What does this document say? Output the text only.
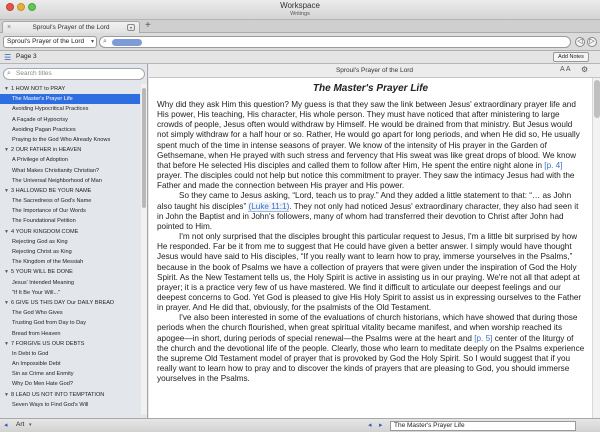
Workspace
Writings
×	Sproul's Prayer of the Lord	▾	+
Sproul's Prayer of the Lord ▾ ⌕	◁ ▷
☰ Page 3	Add Notes
⌕ Search titles
▼ 1 HOW NOT to PRAY
The Master's Prayer Life
Avoiding Hypocritical Practices
A Façade of Hypocrisy
Avoiding Pagan Practices
Praying to the God Who Already Knows
▼ 2 OUR FATHER in HEAVEN
A Privilege of Adoption
What Makes Christianity Christian?
The Universal Neighborhood of Man
▼ 3 HALLOWED BE YOUR NAME
The Sacredness of God's Name
The Importance of Our Words
The Foundational Petition
▼ 4 YOUR KINGDOM COME
Rejecting God as King
Rejecting Christ as King
The Kingdom of the Messiah
▼ 5 YOUR WILL BE DONE
Jesus' Intended Meaning
"If It Be Your Will..."
▼ 6 GIVE US THIS DAY Our DAILY BREAD
The God Who Gives
Trusting God from Day to Day
Bread from Heaven
▼ 7 FORGIVE US OUR DEBTS
In Debt to God
An Impossible Debt
Sin as Crime and Enmity
Why Do Men Hate God?
▼ 8 LEAD US NOT INTO TEMPTATION
Seven Ways to Find God's Will
Sproul's Prayer of the Lord	A A ⚙
The Master's Prayer Life

Why did they ask Him this question? My guess is that they saw the link between Jesus' extraordinary prayer life and His power, His teaching, His character, His whole person. They must have noticed that after ministering to large crowds of people, Jesus often would withdraw by Himself. He would be drained from that ministry. But Jesus would not simply withdraw for a half hour or so. Rather, He would go apart for long periods, and when He did so, He usually spent much of the time in intense seasons of prayer. We know of the intensity of His prayer in the Garden of Gethsemane, when He prayed with such stress and fervency that His sweat was like great drops of blood. We know that before He selected His disciples and called them to follow after Him, He spent the entire night alone in [p. 4] prayer. The disciples could not help but notice this commitment to prayer. They saw the intimacy Jesus had with the Father and made the connection between His prayer and His power.

So they came to Jesus asking, “Lord, teach us to pray.” And they added a little statement to that: “… as John also taught his disciples” (Luke 11:1). They not only had noticed Jesus' extraordinary character, they also had seen it in John the Baptist and in John's followers, many of whom had transferred their devotion to Christ after John had pointed to Him.

I'm not only surprised that the disciples brought this particular request to Jesus, I'm a little bit surprised by how He responded. Far be it from me to suggest that He could have given a better answer. I simply would have thought Jesus would have said to His disciples, “If you really want to learn how to pray, immerse yourselves in the Psalms,” because in the book of Psalms we have a collection of prayers that were given under the inspiration of God the Holy Spirit. As the New Testament tells us, the Holy Spirit is active in assisting us in our praying. We're not all that adept at prayer; it is a practice very few of us have mastered. We find it difficult to articulate our deepest feelings and our deepest concerns to God. Yet God is pleased to give His Holy Spirit to assist us in expressing ourselves to the Father in prayer. And He did that, obviously, for the psalmists of the Old Testament.

I've also been interested in some of the evaluations of church historians, which have showed that during those periods when the church flourished, when great spiritual vitality became manifest, and when worship reached its apogee—in short, during periods of special renewal—the Psalms were at the heart and [p. 5] center of the liturgy of the church and the devotional life of the people. Clearly, those who learn to meditate deeply on the Psalms experience the supreme Old Testament model of prayer that is provoked by God the Holy Spirit. So I would suggest that if you really want to learn how to pray and to discover the kinds of prayers that are pleasing to God, you should immerse yourselves in the Psalms.

◂ Art ▾	◂ ▸	The Master's Prayer Life
